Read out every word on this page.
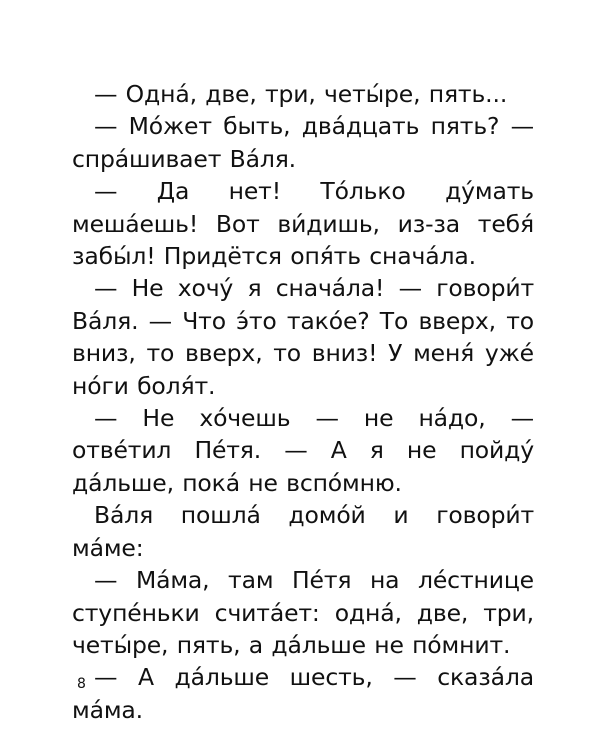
— Одна́, две, три, четы́ре, пять...

— Мо́жет быть, два́дцать пять? — спра́шивает Ва́ля.

— Да нет! То́лько ду́мать меша́ешь! Вот ви́дишь, из-за тебя́ забы́л! Придётся опя́ть снача́ла.

— Не хочу́ я снача́ла! — говори́т Ва́ля. — Что э́то тако́е? То вверх, то вниз, то вверх, то вниз! У меня́ уже́ но́ги боля́т.

— Не хо́чешь — не на́до, — отве́тил Пе́тя. — А я не пойду́ да́льше, пока́ не вспо́мню.

Ва́ля пошла́ домо́й и говори́т ма́ме:

— Ма́ма, там Пе́тя на ле́стнице ступе́ньки счита́ет: одна́, две, три, четы́ре, пять, а да́льше не по́мнит.

— А да́льше шесть, — сказа́ла ма́ма.

8
